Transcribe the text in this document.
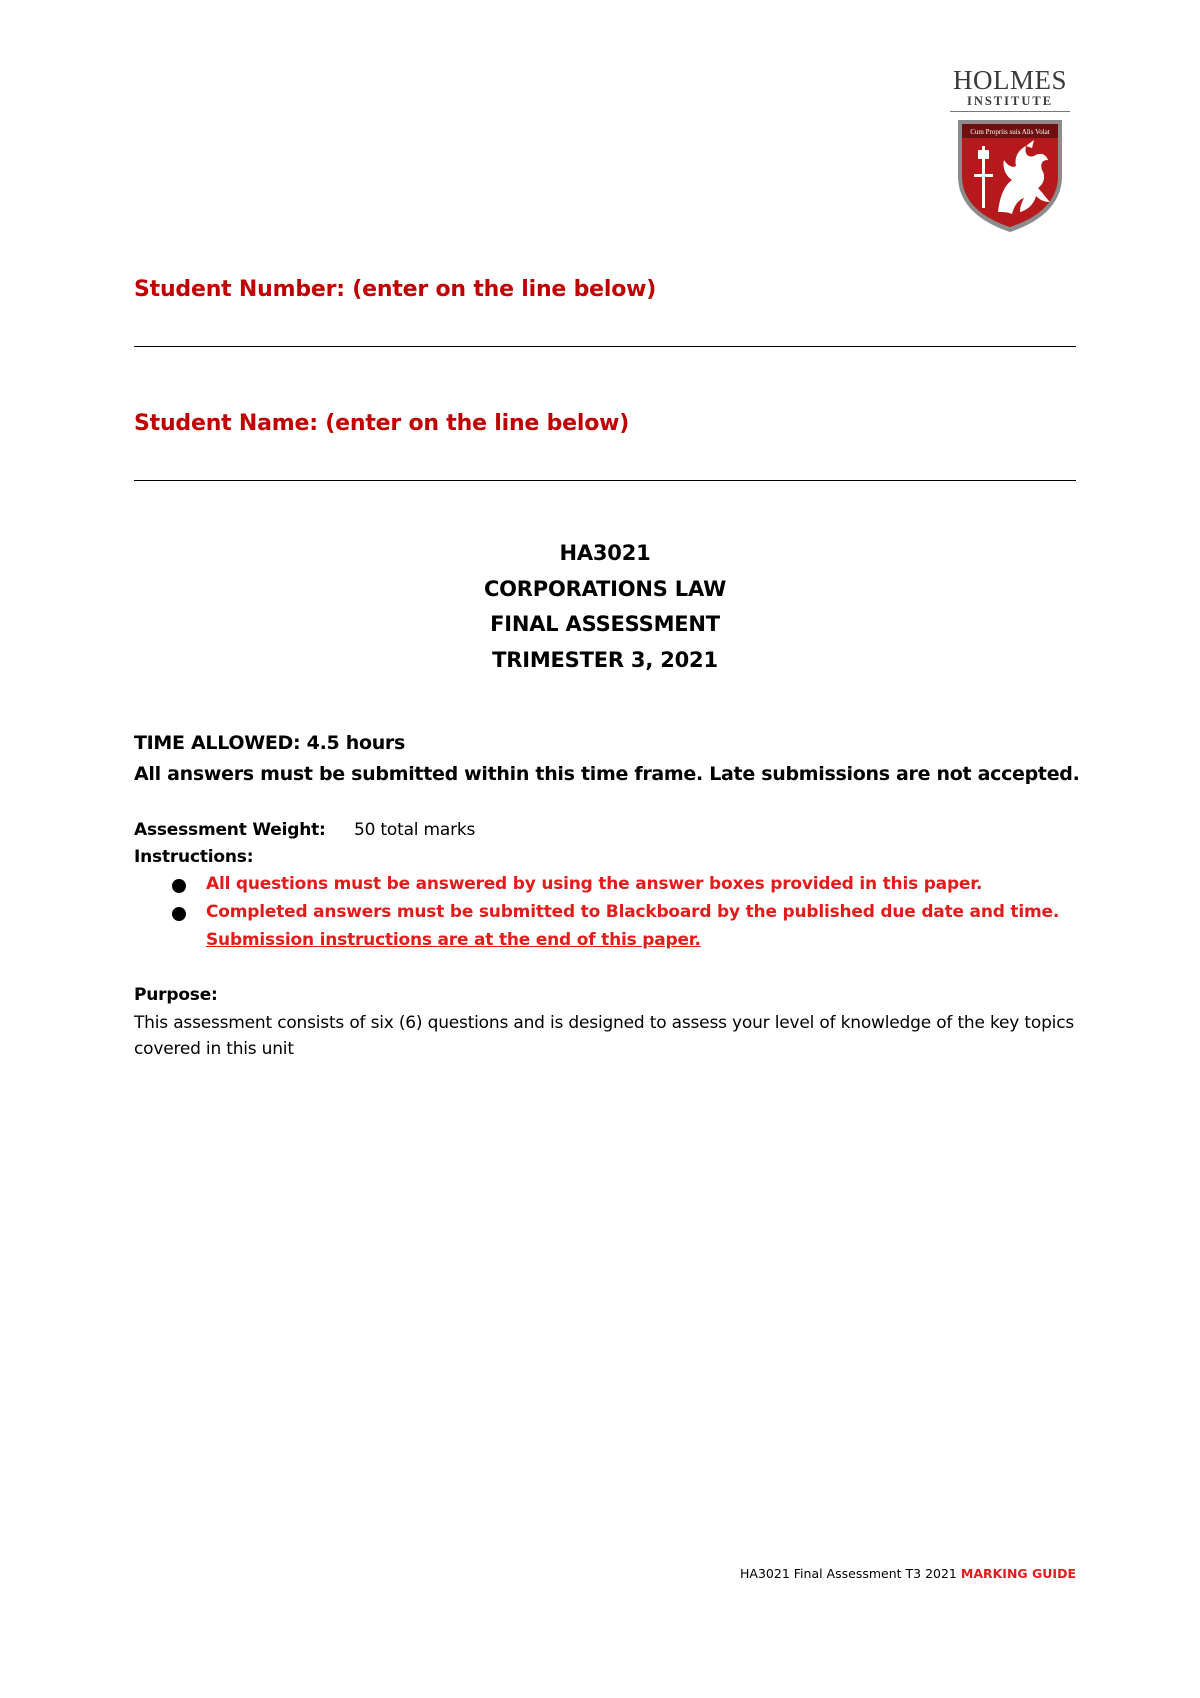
HOLMES
INSTITUTE
Cum Propriis suis Alis Volat
Student Number: (enter on the line below)
Student Name: (enter on the line below)
HA3021
CORPORATIONS LAW
FINAL ASSESSMENT
TRIMESTER 3, 2021
TIME ALLOWED: 4.5 hours
All answers must be submitted within this time frame. Late submissions are not accepted.
Assessment Weight: 50 total marks
Instructions:
All questions must be answered by using the answer boxes provided in this paper.
Completed answers must be submitted to Blackboard by the published due date and time.
Submission instructions are at the end of this paper.
Purpose:
This assessment consists of six (6) questions and is designed to assess your level of knowledge of the key topics covered in this unit
HA3021 Final Assessment T3 2021 MARKING GUIDE
